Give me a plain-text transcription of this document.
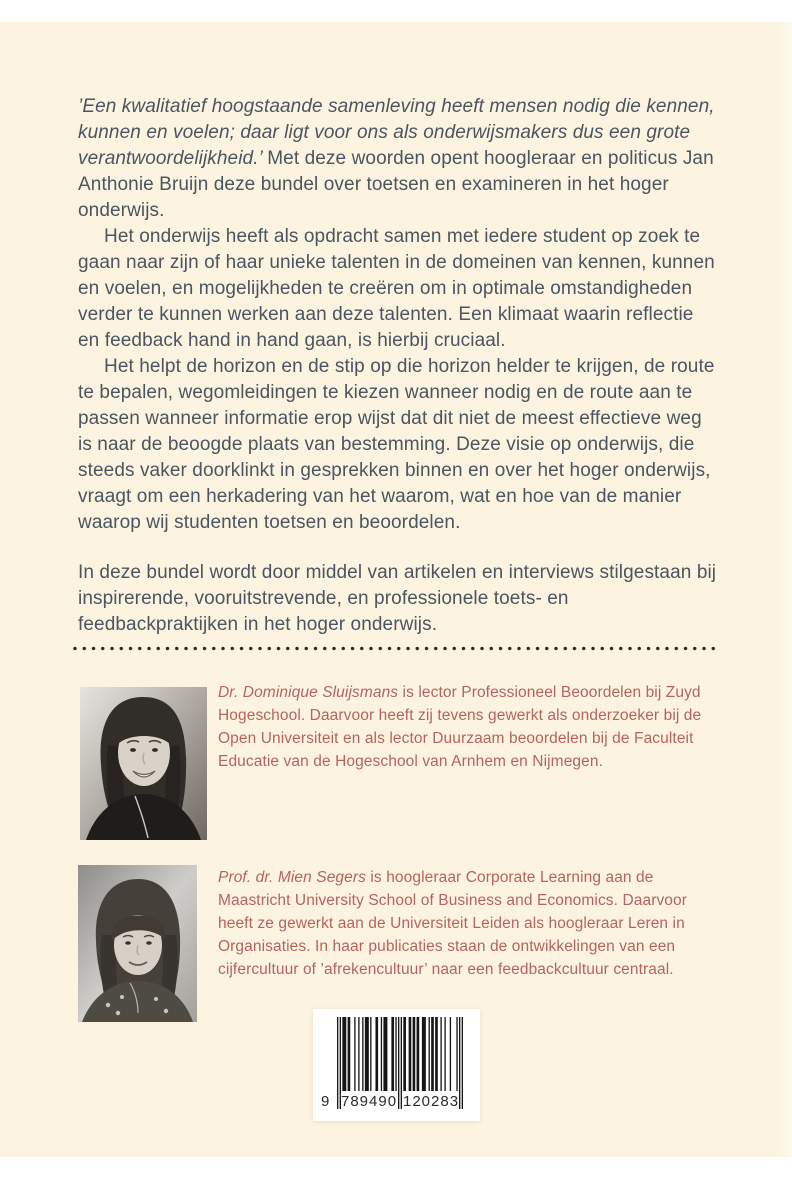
’Een kwalitatief hoogstaande samenleving heeft mensen nodig die kennen, kunnen en voelen; daar ligt voor ons als onderwijsmakers dus een grote verantwoordelijkheid.’ Met deze woorden opent hoogleraar en politicus Jan Anthonie Bruijn deze bundel over toetsen en examineren in het hoger onderwijs.

Het onderwijs heeft als opdracht samen met iedere student op zoek te gaan naar zijn of haar unieke talenten in de domeinen van kennen, kunnen en voelen, en mogelijkheden te creëren om in optimale omstandigheden verder te kunnen werken aan deze talenten. Een klimaat waarin reflectie en feedback hand in hand gaan, is hierbij cruciaal.

Het helpt de horizon en de stip op die horizon helder te krijgen, de route te bepalen, wegomleidingen te kiezen wanneer nodig en de route aan te passen wanneer informatie erop wijst dat dit niet de meest effectieve weg is naar de beoogde plaats van bestemming. Deze visie op onderwijs, die steeds vaker doorklinkt in gesprekken binnen en over het hoger onderwijs, vraagt om een herkadering van het waarom, wat en hoe van de manier waarop wij studenten toetsen en beoordelen.

In deze bundel wordt door middel van artikelen en interviews stilgestaan bij inspirerende, vooruitstrevende, en professionele toets- en feedbackpraktijken in het hoger onderwijs.

Dr. Dominique Sluijsmans is lector Professioneel Beoordelen bij Zuyd Hogeschool. Daarvoor heeft zij tevens gewerkt als onderzoeker bij de Open Universiteit en als lector Duurzaam beoordelen bij de Faculteit Educatie van de Hogeschool van Arnhem en Nijmegen.
Prof. dr. Mien Segers is hoogleraar Corporate Learning aan de Maastricht University School of Business and Economics. Daarvoor heeft ze gewerkt aan de Universiteit Leiden als hoogleraar Leren in Organisaties. In haar publicaties staan de ontwikkelingen van een cijfercultuur of ’afrekencultuur’ naar een feedbackcultuur centraal.
9 789490 120283
